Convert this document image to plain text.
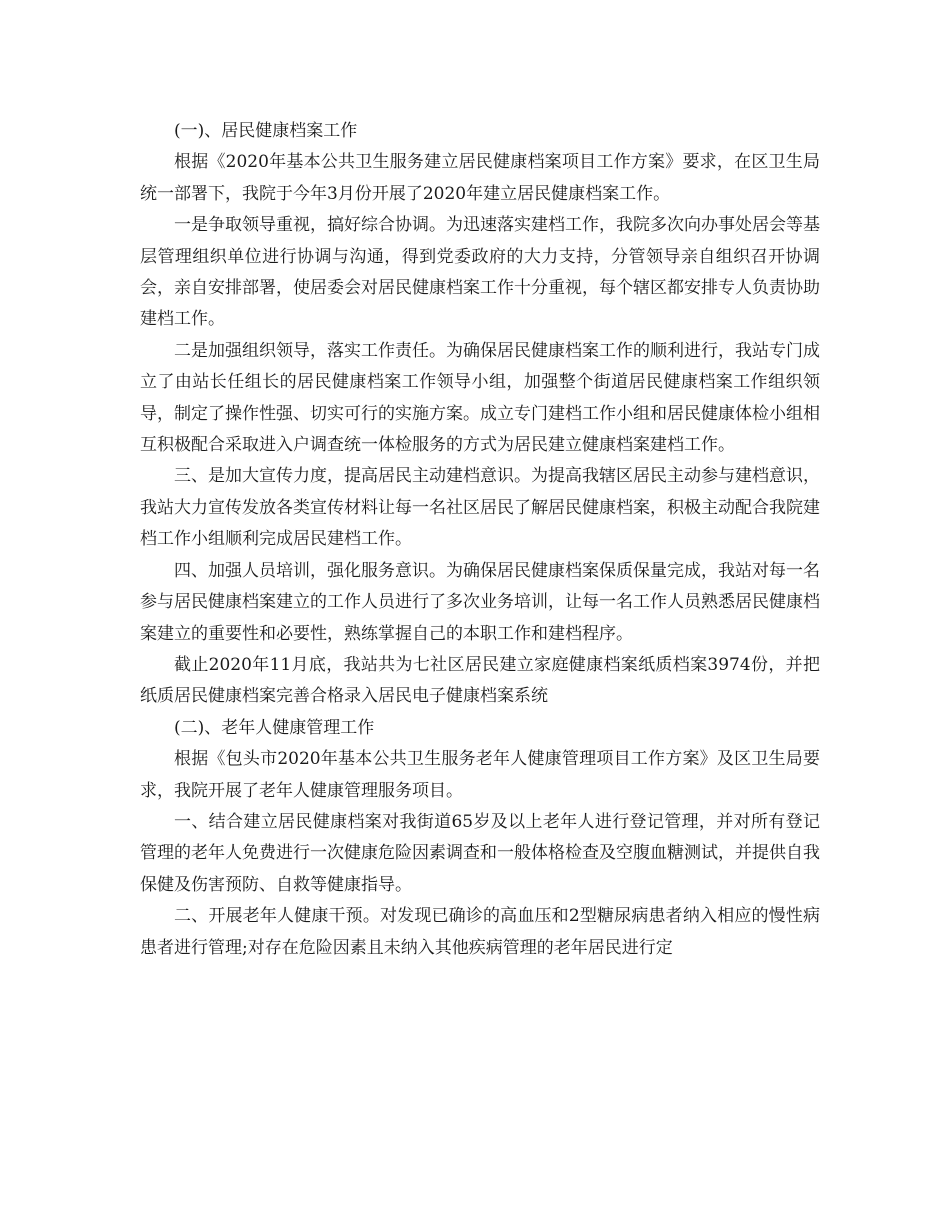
(一)、居民健康档案工作

根据《2020年基本公共卫生服务建立居民健康档案项目工作方案》要求，在区卫生局统一部署下，我院于今年3月份开展了2020年建立居民健康档案工作。

一是争取领导重视，搞好综合协调。为迅速落实建档工作，我院多次向办事处居会等基层管理组织单位进行协调与沟通，得到党委政府的大力支持，分管领导亲自组织召开协调会，亲自安排部署，使居委会对居民健康档案工作十分重视，每个辖区都安排专人负责协助建档工作。

二是加强组织领导，落实工作责任。为确保居民健康档案工作的顺利进行，我站专门成立了由站长任组长的居民健康档案工作领导小组，加强整个街道居民健康档案工作组织领导，制定了操作性强、切实可行的实施方案。成立专门建档工作小组和居民健康体检小组相互积极配合采取进入户调查统一体检服务的方式为居民建立健康档案建档工作。

三、是加大宣传力度，提高居民主动建档意识。为提高我辖区居民主动参与建档意识，我站大力宣传发放各类宣传材料让每一名社区居民了解居民健康档案，积极主动配合我院建档工作小组顺利完成居民建档工作。

四、加强人员培训，强化服务意识。为确保居民健康档案保质保量完成，我站对每一名参与居民健康档案建立的工作人员进行了多次业务培训，让每一名工作人员熟悉居民健康档案建立的重要性和必要性，熟练掌握自己的本职工作和建档程序。

截止2020年11月底，我站共为七社区居民建立家庭健康档案纸质档案3974份，并把纸质居民健康档案完善合格录入居民电子健康档案系统

(二)、老年人健康管理工作

根据《包头市2020年基本公共卫生服务老年人健康管理项目工作方案》及区卫生局要求，我院开展了老年人健康管理服务项目。

一、结合建立居民健康档案对我街道65岁及以上老年人进行登记管理，并对所有登记管理的老年人免费进行一次健康危险因素调查和一般体格检查及空腹血糖测试，并提供自我保健及伤害预防、自救等健康指导。

二、开展老年人健康干预。对发现已确诊的高血压和2型糖尿病患者纳入相应的慢性病患者进行管理;对存在危险因素且未纳入其他疾病管理的老年居民进行定
